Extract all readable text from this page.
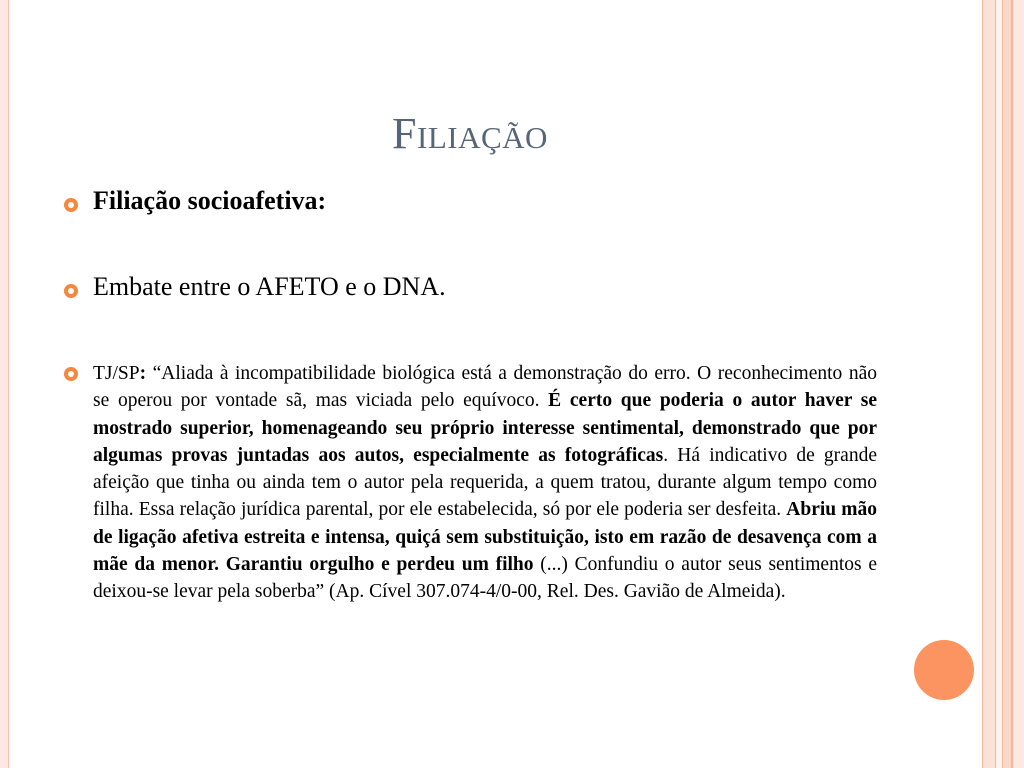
Filiação
Filiação socioafetiva:
Embate entre o AFETO e o DNA.
TJ/SP: “Aliada à incompatibilidade biológica está a demonstração do erro. O reconhecimento não se operou por vontade sã, mas viciada pelo equívoco. É certo que poderia o autor haver se mostrado superior, homenageando seu próprio interesse sentimental, demonstrado que por algumas provas juntadas aos autos, especialmente as fotográficas. Há indicativo de grande afeição que tinha ou ainda tem o autor pela requerida, a quem tratou, durante algum tempo como filha. Essa relação jurídica parental, por ele estabelecida, só por ele poderia ser desfeita. Abriu mão de ligação afetiva estreita e intensa, quiçá sem substituição, isto em razão de desavença com a mãe da menor. Garantiu orgulho e perdeu um filho (...) Confundiu o autor seus sentimentos e deixou-se levar pela soberba” (Ap. Cível 307.074-4/0-00, Rel. Des. Gavião de Almeida).
